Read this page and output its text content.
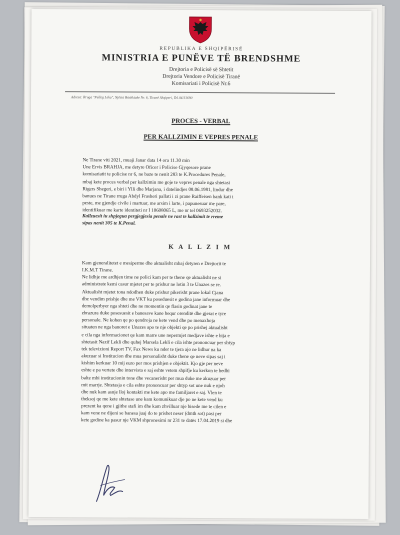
REPUBLIKA E SHQIPËRISË
MINISTRIA E PUNËVE TË BRENDSHME
Drejtoria e Policisë së Shtetit
Drejtoria Vendore e Policisë Tiranë
Komisariati i Policisë Nr.6
Adresa: Rruga "Pelleg Leka", Njësia Bashkiake Nr. 6, Tiranë Shqiperi, Tel.04/31690
PROCES - VERBAL
PER KALLZIMIN E VEPRES PENALE
Ne Tirane viti 2021, muaji Janar data 14 ora 11.30 min
Une Ervis BRAHJA, me detyre Oficer i Policise Gjyqesore prane
komisariatit te policise nr 6, ne baze te nenit 283 te K.Procedures Penale,
mbaj kete proces verbal per kallzimin me goje te vepres penale nga shtetasi
Rigers Shegeri, e biri i Ylli dhe Marjana, i datelindjes 08.06.1981, lindur dhe
banues ne Tirane rruga Abdyl Frasheri pallati i zi prane Raiffeisen bank kati i
peste, me gjendje civile i martuar, me arsim i larte, i papunesuar me pare,
identifikuar me karte identiteti nr I 10608065 L, me nr tel 0693252032.
Kallzuesit iu shpjegua pergjegjesia penale ne rast te kallzimit te rreme
sipas nenit 305 te K.Penal.
K A L L Z I M
Kam gjeneralitetet e mesiperme dhe aktualisht mbaj detyren e Drejtorit te
I.K.M.T Tirane.
Ne lidhje me ardhjen time ne polici kam per te thene qe aktualisht ne si
administrate kemi casur mjetet per te prishur ne lotin 3 te Unazes se re.
Aktualisht mjetet tona ndodhen duke prishur pikerisht prane lokal Cjana
dhe vendim prishje dhe me VKT ku poseduesit e godina jane informuar dhe
demolperbyer nga shteti dhe ne momentin qe flasin godinat jane te
zbrazura duke posesuesit e banesave kane hequr orenditë dhe gjerat e tyre
personale. Ne kohen qe po qendroja ne kete vend dhe po menaxhoja
situaten ne nga banoret e Unazes apo te nje objekti qe po prishej aktualisht
e cila nga informacionet qe kam marre une nepermjet medjave ishte e bija e
shtetasit Nazif Lekli dhe quhej Marsela Lekli e cila ishte prononcuar per shtyp
tek televizioni Report TV, Fax News ku nder te tjera ajo ne lidhur na ka
akuzuar si Institucion dhe mua personalisht duke thene qe neve sipas saj i
kishim kerkuar 10 mij euro per mos prishjen e objektit. Kjo gje per neve
eshte e pa vertete dhe intervista e saj eshte vetem shpifje ku kerkon te hedhi
balte mbi institucionin tone dhe vecanerisht per mua duke me akuzuar per
mit marrje. Shtetasja e cila eshte prononcuar per shtyp sot une nuk e njoh
dhe nuk kam asnje lloj kontakti me kete apo me familjaret e saj. Vlen te
theksoj qe me kete shtetase une kam komunikuar dje po ne kete vend ku
prezent ka qene i gjithe stafi im dhe kam zhvilluar nje bisede me te cilen e
kam vene ne dijeni se banesa juaj do te prishet neser (dmth sot) pasi per
kete godine ka pasur nje VKM shpronesimi nr 231 te datës 17.04.2019 si dhe
